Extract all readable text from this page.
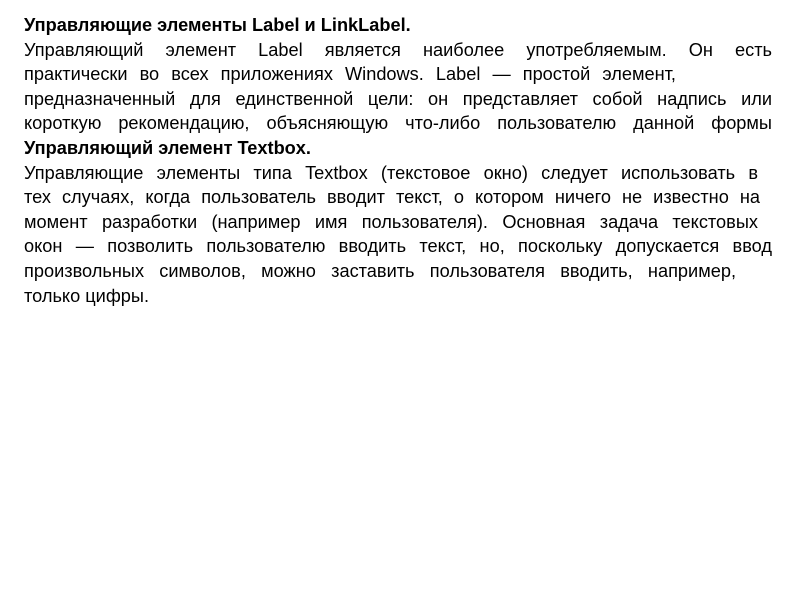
Управляющие элементы Label и LinkLabel.
Управляющий элемент Label является наиболее употребляемым. Он есть
практически во всех приложениях Windows. Label — простой элемент,
предназначенный для единственной цели: он представляет собой надпись или
короткую рекомендацию, объясняющую что-либо пользователю данной формы
Управляющий элемент Textbox.
Управляющие элементы типа Textbox (текстовое окно) следует использовать в
тех случаях, когда пользователь вводит текст, о котором ничего не известно на
момент разработки (например имя пользователя). Основная задача текстовых
окон — позволить пользователю вводить текст, но, поскольку допускается ввод
произвольных символов, можно заставить пользователя вводить, например,
только цифры.
